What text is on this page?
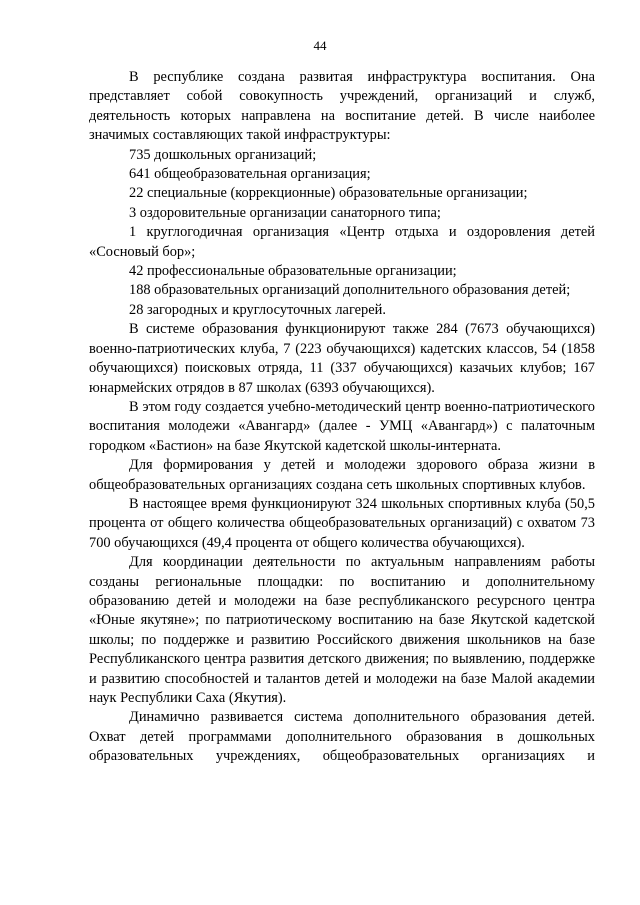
44

В республике создана развитая инфраструктура воспитания. Она представляет собой совокупность учреждений, организаций и служб, деятельность которых направлена на воспитание детей. В числе наиболее значимых составляющих такой инфраструктуры:

735 дошкольных организаций;

641 общеобразовательная организация;

22 специальные (коррекционные) образовательные организации;

3 оздоровительные организации санаторного типа;

1 круглогодичная организация «Центр отдыха и оздоровления детей «Сосновый бор»;

42 профессиональные образовательные организации;

188 образовательных организаций дополнительного образования детей;

28 загородных и круглосуточных лагерей.

В системе образования функционируют также 284 (7673 обучающихся) военно-патриотических клуба, 7 (223 обучающихся) кадетских классов, 54 (1858 обучающихся) поисковых отряда, 11 (337 обучающихся) казачьих клубов; 167 юнармейских отрядов в 87 школах (6393 обучающихся).

В этом году создается учебно-методический центр военно-патриотического воспитания молодежи «Авангард» (далее - УМЦ «Авангард») с палаточным городком «Бастион» на базе Якутской кадетской школы-интерната.

Для формирования у детей и молодежи здорового образа жизни в общеобразовательных организациях создана сеть школьных спортивных клубов.

В настоящее время функционируют 324 школьных спортивных клуба (50,5 процента от общего количества общеобразовательных организаций) с охватом 73 700 обучающихся (49,4 процента от общего количества обучающихся).

Для координации деятельности по актуальным направлениям работы созданы региональные площадки: по воспитанию и дополнительному образованию детей и молодежи на базе республиканского ресурсного центра «Юные якутяне»; по патриотическому воспитанию на базе Якутской кадетской школы; по поддержке и развитию Российского движения школьников на базе Республиканского центра развития детского движения; по выявлению, поддержке и развитию способностей и талантов детей и молодежи на базе Малой академии наук Республики Саха (Якутия).

Динамично развивается система дополнительного образования детей. Охват детей программами дополнительного образования в дошкольных образовательных учреждениях, общеобразовательных организациях и
